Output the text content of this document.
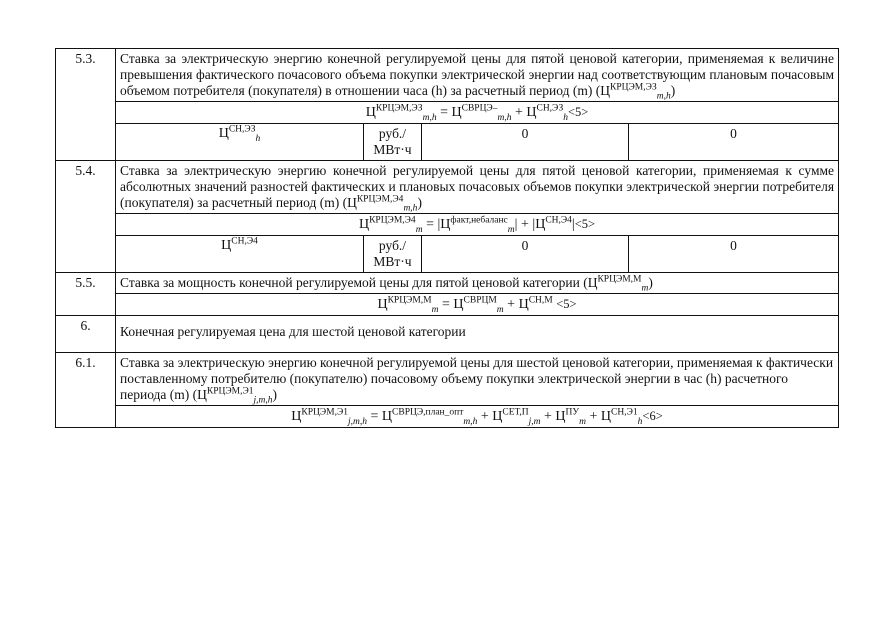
5.3.	Ставка за электрическую энергию конечной регулируемой цены для пятой ценовой категории, применяемая к величине превышения фактического почасового объема покупки электрической энергии над соответствующим плановым почасовым объемом потребителя (покупателя) в отношении часа (h) за расчетный период (m) $(Ц^{КРЦЭМ,ЭЗ}_{m,h})$			
	$Ц^{КРЦЭМ,ЭЗ}_{m,h} = Ц^{СВРЦЭ-}_{m,h} + Ц^{СН,ЭЗ}_h<5>$			
	$Ц^{СН,ЭЗ}_h$	руб./ МВт·ч	0	0
5.4.	Ставка за электрическую энергию конечной регулируемой цены для пятой ценовой категории, применяемая к сумме абсолютных значений разностей фактических и плановых почасовых объемов покупки электрической энергии потребителя (покупателя) за расчетный период (m) $(Ц^{КРЦЭМ,Э4}_{m,h})$			
	$Ц^{КРЦЭМ,Э4}_m = |Ц^{факт,небаланс}_m| + |Ц^{СН,Э4}|<5>$			
	$Ц^{СН,Э4}$	руб./ МВт·ч	0	0
5.5.	Ставка за мощность конечной регулируемой цены для пятой ценовой категории $(Ц^{КРЦЭМ,М}_m)$			
	$Ц^{КРЦЭМ,М}_m = Ц^{СВРЦМ}_m + Ц^{СН,М} <5>$			
6.	Конечная регулируемая цена для шестой ценовой категории			
6.1.	Ставка за электрическую энергию конечной регулируемой цены для шестой ценовой категории, применяемая к фактически поставленному потребителю (покупателю) почасовому объему покупки электрической энергии в час (h) расчетного периода (m) $(Ц^{КРЦЭМ,Э1}_{j,m,h})$			
	$Ц^{КРЦЭМ,Э1}_{j,m,h} = Ц^{СВРЦЭ,план\_опт}_{m,h} + Ц^{СЕТ,П}_{j,m} + Ц^{ПУ}_m + Ц^{СН,Э1}_h<6>$			
